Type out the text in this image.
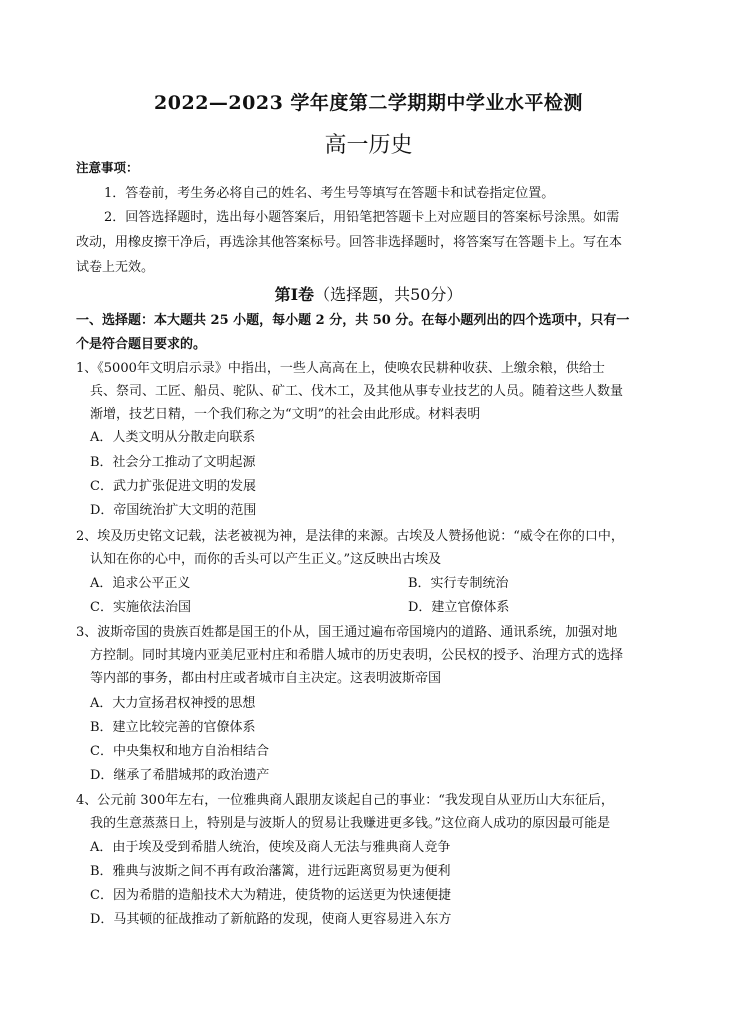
2022—2023 学年度第二学期期中学业水平检测
高一历史
注意事项：
1．答卷前，考生务必将自己的姓名、考生号等填写在答题卡和试卷指定位置。
2．回答选择题时，选出每小题答案后，用铅笔把答题卡上对应题目的答案标号涂黑。如需
改动，用橡皮擦干净后，再选涂其他答案标号。回答非选择题时，将答案写在答题卡上。写在本
试卷上无效。
第Ⅰ卷（选择题，共50分）
一、选择题：本大题共 25 小题，每小题 2 分，共 50 分。在每小题列出的四个选项中，只有一
个是符合题目要求的。
1、《5000年文明启示录》中指出，一些人高高在上，使唤农民耕种收获、上缴余粮，供给士
兵、祭司、工匠、船员、驼队、矿工、伐木工，及其他从事专业技艺的人员。随着这些人数量
渐增，技艺日精，一个我们称之为“文明”的社会由此形成。材料表明
A．人类文明从分散走向联系
B．社会分工推动了文明起源
C．武力扩张促进文明的发展
D．帝国统治扩大文明的范围
2、埃及历史铭文记载，法老被视为神，是法律的来源。古埃及人赞扬他说：“威令在你的口中，
认知在你的心中，而你的舌头可以产生正义。”这反映出古埃及
A．追求公平正义	B．实行专制统治
C．实施依法治国	D．建立官僚体系
3、波斯帝国的贵族百姓都是国王的仆从，国王通过遍布帝国境内的道路、通讯系统，加强对地
方控制。同时其境内亚美尼亚村庄和希腊人城市的历史表明，公民权的授予、治理方式的选择
等内部的事务，都由村庄或者城市自主决定。这表明波斯帝国
A．大力宣扬君权神授的思想
B．建立比较完善的官僚体系
C．中央集权和地方自治相结合
D．继承了希腊城邦的政治遗产
4、公元前 300年左右，一位雅典商人跟朋友谈起自己的事业：“我发现自从亚历山大东征后，
我的生意蒸蒸日上，特别是与波斯人的贸易让我赚进更多钱。”这位商人成功的原因最可能是
A．由于埃及受到希腊人统治，使埃及商人无法与雅典商人竞争
B．雅典与波斯之间不再有政治藩篱，进行远距离贸易更为便利
C．因为希腊的造船技术大为精进，使货物的运送更为快速便捷
D．马其顿的征战推动了新航路的发现，使商人更容易进入东方
